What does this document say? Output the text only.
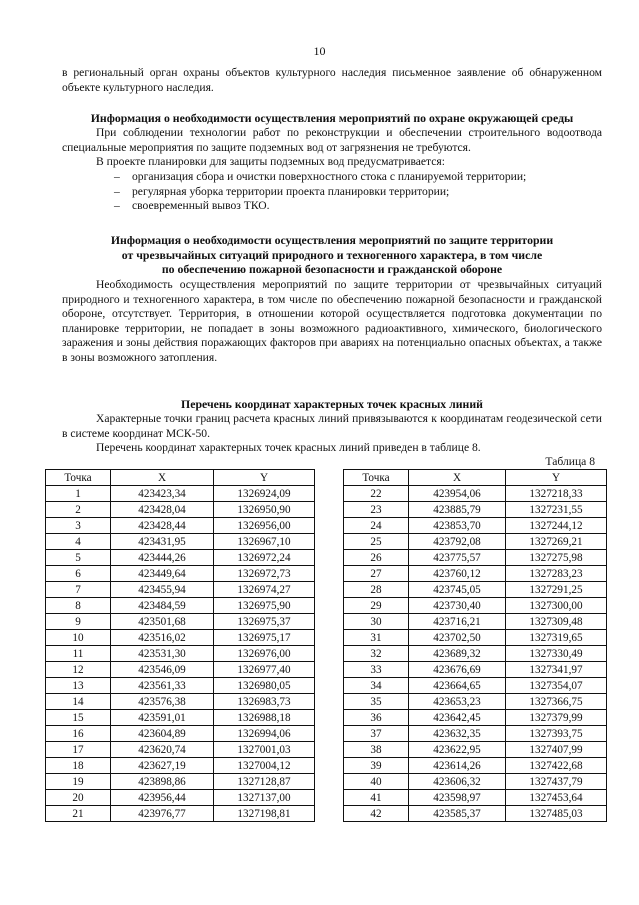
10
в региональный орган охраны объектов культурного наследия письменное заявление об обнаруженном объекте культурного наследия.
Информация о необходимости осуществления мероприятий по охране окружающей среды
При соблюдении технологии работ по реконструкции и обеспечении строительного водоотвода специальные мероприятия по защите подземных вод от загрязнения не требуются.
В проекте планировки для защиты подземных вод предусматривается:
– организация сбора и очистки поверхностного стока с планируемой территории;
– регулярная уборка территории проекта планировки территории;
– своевременный вывоз ТКО.
Информация о необходимости осуществления мероприятий по защите территории
от чрезвычайных ситуаций природного и техногенного характера, в том числе
по обеспечению пожарной безопасности и гражданской обороне
Необходимость осуществления мероприятий по защите территории от чрезвычайных ситуаций природного и техногенного характера, в том числе по обеспечению пожарной безопасности и гражданской обороне, отсутствует. Территория, в отношении которой осуществляется подготовка документации по планировке территории, не попадает в зоны возможного радиоактивного, химического, биологического заражения и зоны действия поражающих факторов при авариях на потенциально опасных объектах, а также в зоны возможного затопления.
Перечень координат характерных точек красных линий
Характерные точки границ расчета красных линий привязываются к координатам геодезической сети в системе координат МСК-50.
Перечень координат характерных точек красных линий приведен в таблице 8.
Таблица 8
Точка	X	Y
1	423423,34	1326924,09
2	423428,04	1326950,90
3	423428,44	1326956,00
4	423431,95	1326967,10
5	423444,26	1326972,24
6	423449,64	1326972,73
7	423455,94	1326974,27
8	423484,59	1326975,90
9	423501,68	1326975,37
10	423516,02	1326975,17
11	423531,30	1326976,00
12	423546,09	1326977,40
13	423561,33	1326980,05
14	423576,38	1326983,73
15	423591,01	1326988,18
16	423604,89	1326994,06
17	423620,74	1327001,03
18	423627,19	1327004,12
19	423898,86	1327128,87
20	423956,44	1327137,00
21	423976,77	1327198,81
Точка	X	Y
22	423954,06	1327218,33
23	423885,79	1327231,55
24	423853,70	1327244,12
25	423792,08	1327269,21
26	423775,57	1327275,98
27	423760,12	1327283,23
28	423745,05	1327291,25
29	423730,40	1327300,00
30	423716,21	1327309,48
31	423702,50	1327319,65
32	423689,32	1327330,49
33	423676,69	1327341,97
34	423664,65	1327354,07
35	423653,23	1327366,75
36	423642,45	1327379,99
37	423632,35	1327393,75
38	423622,95	1327407,99
39	423614,26	1327422,68
40	423606,32	1327437,79
41	423598,97	1327453,64
42	423585,37	1327485,03
